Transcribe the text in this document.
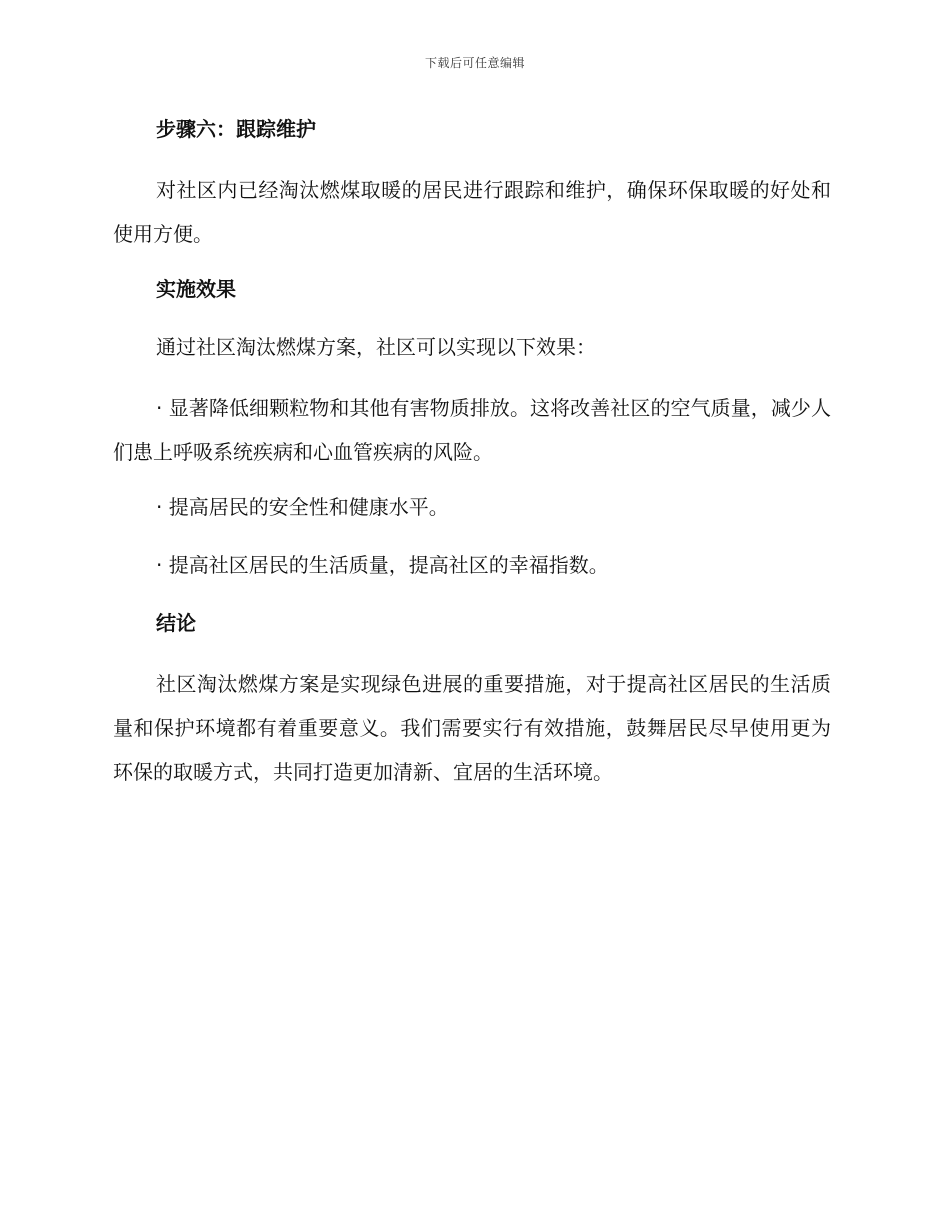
下载后可任意编辑
步骤六：跟踪维护

对社区内已经淘汰燃煤取暖的居民进行跟踪和维护，确保环保取暖的好处和使用方便。

实施效果

通过社区淘汰燃煤方案，社区可以实现以下效果：

· 显著降低细颗粒物和其他有害物质排放。这将改善社区的空气质量，减少人们患上呼吸系统疾病和心血管疾病的风险。

· 提高居民的安全性和健康水平。

· 提高社区居民的生活质量，提高社区的幸福指数。

结论

社区淘汰燃煤方案是实现绿色进展的重要措施，对于提高社区居民的生活质量和保护环境都有着重要意义。我们需要实行有效措施，鼓舞居民尽早使用更为环保的取暖方式，共同打造更加清新、宜居的生活环境。
